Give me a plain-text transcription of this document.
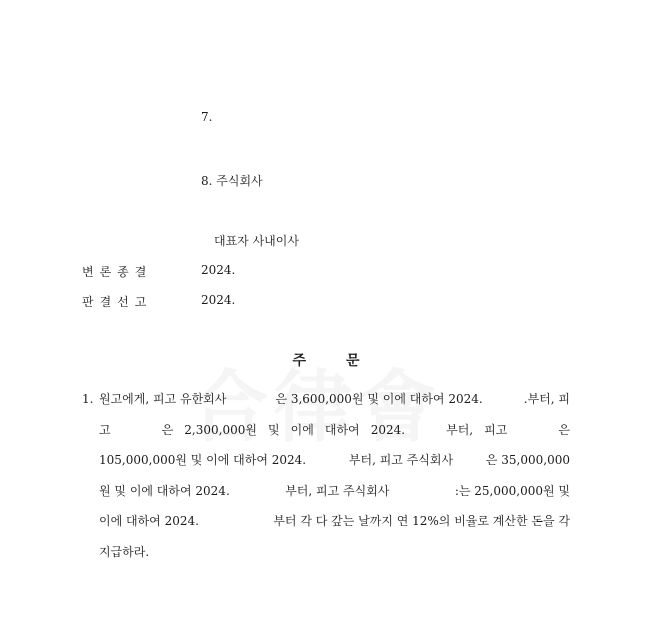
7.
8. 주식회사
대표자 사내이사
변론종결	2024.
판결선고	2024.
주	문
1. 원고에게, 피고 유한회사	은 3,600,000원 및 이에 대하여 2024.	.부터, 피
고	은 2,300,000원 및 이에 대하여 2024.	부터, 피고	은
105,000,000원 및 이에 대하여 2024.	부터, 피고 주식회사	은 35,000,000
원 및 이에 대하여 2024.	부터, 피고 주식회사	:는 25,000,000원 및
이에 대하여 2024.	부터 각 다 갚는 날까지 연 12%의 비율로 계산한 돈을 각
지급하라.
